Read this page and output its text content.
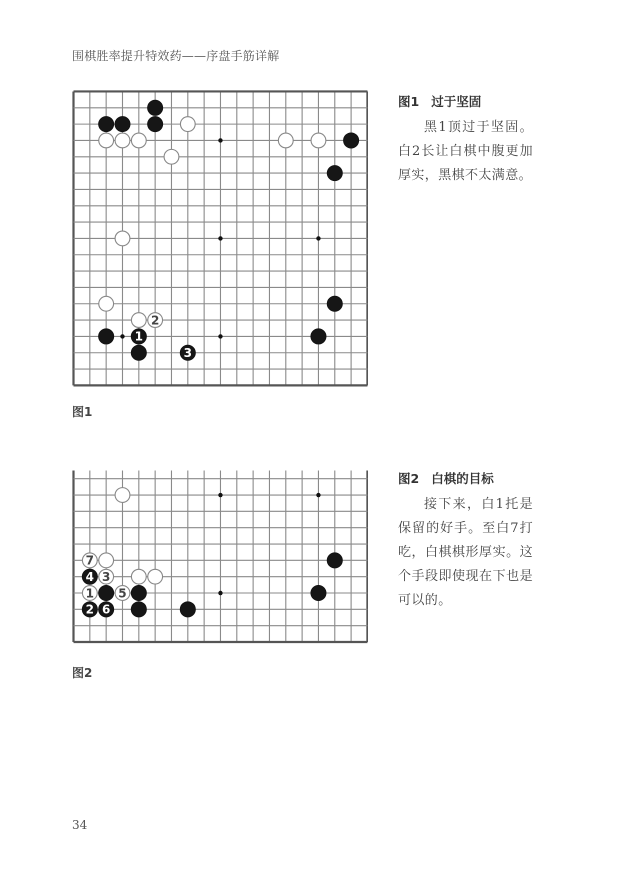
围棋胜率提升特效药——序盘手筋详解
2
1
3
图1
图1 过于坚固
黑1顶过于坚固。白2长让白棋中腹更加厚实，黑棋不太满意。
7
4 3
1 5
2 6
图2
图2 白棋的目标
接下来，白1托是保留的好手。至白7打吃，白棋棋形厚实。这个手段即使现在下也是可以的。
34
